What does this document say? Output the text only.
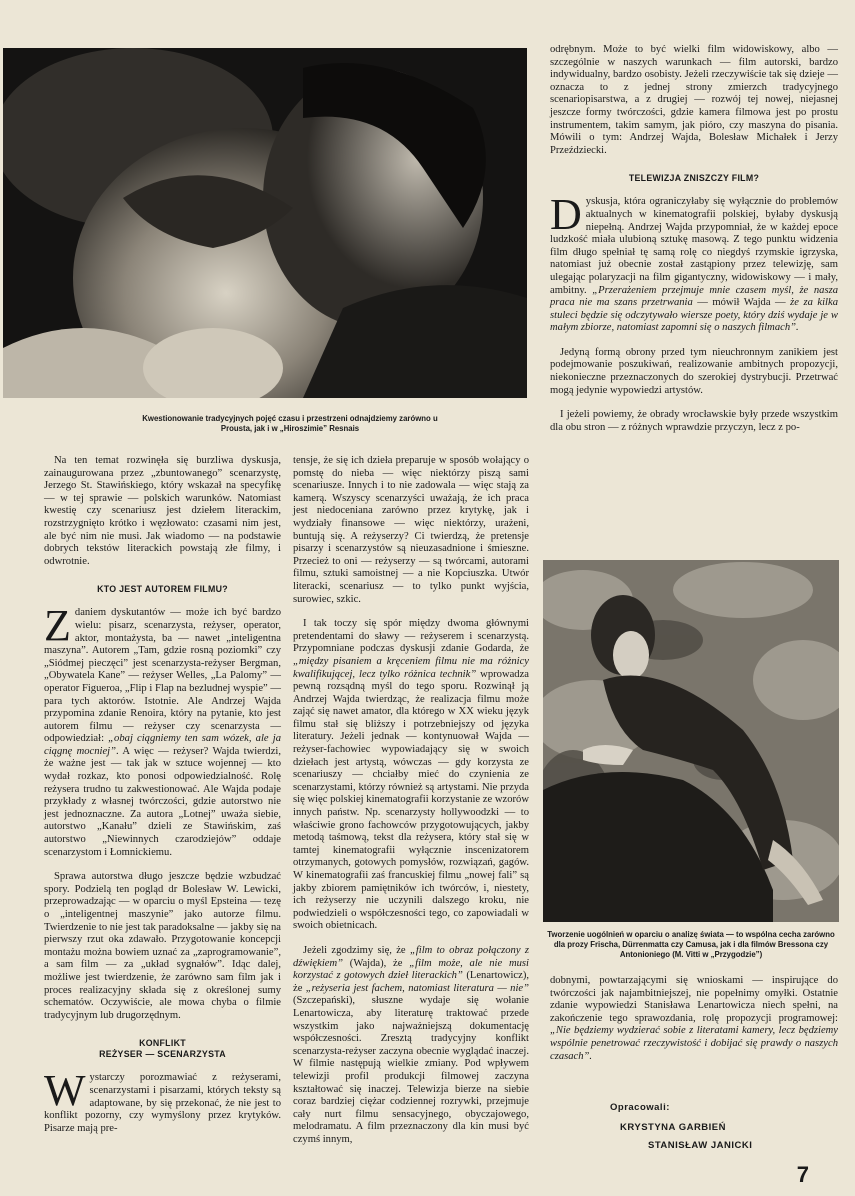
Kwestionowanie tradycyjnych pojęć czasu i przestrzeni odnajdziemy zarówno u Prousta, jak i w „Hiroszimie” Resnais
Tworzenie uogólnień w oparciu o analizę świata — to wspólna cecha zarówno dla prozy Frischa, Dürrenmatta czy Camusa, jak i dla filmów Bressona czy Antonioniego (M. Vitti w „Przygodzie”)

odrębnym. Może to być wielki film widowiskowy, albo — szczególnie w naszych warunkach — film autorski, bardzo indywidualny, bardzo osobisty. Jeżeli rzeczywiście tak się dzieje — oznacza to z jednej strony zmierzch tradycyjnego scenariopisarstwa, a z drugiej — rozwój tej nowej, niejasnej jeszcze formy twórczości, gdzie kamera filmowa jest po prostu instrumentem, takim samym, jak pióro, czy maszyna do pisania. Mówili o tym: Andrzej Wajda, Bolesław Michałek i Jerzy Przeździecki.

TELEWIZJA ZNISZCZY FILM?

Dyskusja, która ograniczyłaby się wyłącznie do problemów aktualnych w kinematografii polskiej, byłaby dyskusją niepełną. Andrzej Wajda przypomniał, że w każdej epoce ludzkość miała ulubioną sztukę masową. Z tego punktu widzenia film długo spełniał tę samą rolę co niegdyś rzymskie igrzyska, natomiast już obecnie został zastąpiony przez telewizję, sam ulegając polaryzacji na film gigantyczny, widowiskowy — i mały, ambitny. „Przerażeniem przejmuje mnie czasem myśl, że nasza praca nie ma szans przetrwania — mówił Wajda — że za kilka stuleci będzie się odczytywało wiersze poety, który dziś wydaje je w małym zbiorze, natomiast zapomni się o naszych filmach”.

Jedyną formą obrony przed tym nieuchronnym zanikiem jest podejmowanie poszukiwań, realizowanie ambitnych propozycji, niekonieczne przeznaczonych do szerokiej dystrybucji. Przetrwać mogą jedynie wypowiedzi artystów.

I jeżeli powiemy, że obrady wrocławskie były przede wszystkim dla obu stron — z różnych wprawdzie przyczyn, lecz z po-

Na ten temat rozwinęła się burzliwa dyskusja, zainaugurowana przez „zbuntowanego” scenarzystę, Jerzego St. Stawińskiego, który wskazał na specyfikę — w tej sprawie — polskich warunków. Natomiast kwestię czy scenariusz jest dziełem literackim, rozstrzygnięto krótko i węzłowato: czasami nim jest, ale być nim nie musi. Jak wiadomo — na podstawie dobrych tekstów literackich powstają złe filmy, i odwrotnie.

KTO JEST AUTOREM FILMU?

Zdaniem dyskutantów — może ich być bardzo wielu: pisarz, scenarzysta, reżyser, operator, aktor, montażysta, ba — nawet „inteligentna maszyna”. Autorem „Tam, gdzie rosną poziomki” czy „Siódmej pieczęci” jest scenarzysta-reżyser Bergman, „Obywatela Kane” — reżyser Welles, „La Palomy” — operator Figueroa, „Flip i Flap na bezludnej wyspie” — para tych aktorów. Istotnie. Ale Andrzej Wajda przypomina zdanie Renoira, który na pytanie, kto jest autorem filmu — reżyser czy scenarzysta — odpowiedział: „obaj ciągniemy ten sam wózek, ale ja ciągnę mocniej”. A więc — reżyser? Wajda twierdzi, że ważne jest — tak jak w sztuce wojennej — kto wydał rozkaz, kto ponosi odpowiedzialność. Rolę reżysera trudno tu zakwestionować. Ale Wajda podaje przykłady z własnej twórczości, gdzie autorstwo nie jest jednoznaczne. Za autora „Lotnej” uważa siebie, autorstwo „Kanału” dzieli ze Stawińskim, zaś autorstwo „Niewinnych czarodziejów” oddaje scenarzystom i Łomnickiemu.

Sprawa autorstwa długo jeszcze będzie wzbudzać spory. Podzielą ten pogląd dr Bolesław W. Lewicki, przeprowadzając — w oparciu o myśl Epsteina — tezę o „inteligentnej maszynie” jako autorze filmu. Twierdzenie to nie jest tak paradoksalne — jakby się na pierwszy rzut oka zdawało. Przygotowanie koncepcji montażu można bowiem uznać za „zaprogramowanie”, a sam film — za „układ sygnałów”. Idąc dalej, możliwe jest twierdzenie, że zarówno sam film jak i proces realizacyjny składa się z określonej sumy schematów. Oczywiście, ale mowa chyba o filmie tradycyjnym lub drugorzędnym.

KONFLIKT
REŻYSER — SCENARZYSTA

Wystarczy porozmawiać z reżyserami, scenarzystami i pisarzami, których teksty są adaptowane, by się przekonać, że nie jest to konflikt pozorny, czy wymyślony przez krytyków. Pisarze mają pre-

tensje, że się ich dzieła preparuje w sposób wołający o pomstę do nieba — więc niektórzy piszą sami scenariusze. Innych i to nie zadowala — więc stają za kamerą. Wszyscy scenarzyści uważają, że ich praca jest niedoceniana zarówno przez krytykę, jak i wydziały finansowe — więc niektórzy, urażeni, buntują się. A reżyserzy? Ci twierdzą, że pretensje pisarzy i scenarzystów są nieuzasadnione i śmieszne. Przecież to oni — reżyserzy — są twórcami, autorami filmu, sztuki samoistnej — a nie Kopciuszka. Utwór literacki, scenariusz — to tylko punkt wyjścia, surowiec, szkic.

I tak toczy się spór między dwoma głównymi pretendentami do sławy — reżyserem i scenarzystą. Przypomniane podczas dyskusji zdanie Godarda, że „między pisaniem a kręceniem filmu nie ma różnicy kwalifikującej, lecz tylko różnica technik” wprowadza pewną rozsądną myśl do tego sporu. Rozwinął ją Andrzej Wajda twierdząc, że realizacja filmu może zająć się nawet amator, dla którego w XX wieku język filmu stał się bliższy i potrzebniejszy od języka literatury. Jeżeli jednak — kontynuował Wajda — reżyser-fachowiec wypowiadający się w swoich dziełach jest artystą, wówczas — gdy korzysta ze scenariuszy — chciałby mieć do czynienia ze scenarzystami, którzy również są artystami. Nie przyda się więc polskiej kinematografii korzystanie ze wzorów innych państw. Np. scenarzysty hollywoodzki — to właściwie grono fachowców przygotowujących, jakby metodą taśmową, tekst dla reżysera, który stał się w tamtej kinematografii wyłącznie inscenizatorem otrzymanych, gotowych pomysłów, rozwiązań, gagów. W kinematografii zaś francuskiej filmu „nowej fali” są jakby zbiorem pamiętników ich twórców, i, niestety, ich reżyserzy nie uczynili dalszego kroku, nie podwiedzieli o współczesności tego, co zapowiadali w swoich obietnicach.

Jeżeli zgodzimy się, że „film to obraz połączony z dźwiękiem” (Wajda), że „film może, ale nie musi korzystać z gotowych dzieł literackich” (Lenartowicz), że „reżyseria jest fachem, natomiast literatura — nie” (Szczepański), słuszne wydaje się wołanie Lenartowicza, aby literaturę traktować przede wszystkim jako najważniejszą dokumentację współczesności. Zresztą tradycyjny konflikt scenarzysta-reżyser zaczyna obecnie wyglądać inaczej. W filmie następują wielkie zmiany. Pod wpływem telewizji profil produkcji filmowej zaczyna kształtować się inaczej. Telewizja bierze na siebie coraz bardziej ciężar codziennej rozrywki, przejmuje cały nurt filmu sensacyjnego, obyczajowego, melodramatu. A film przeznaczony dla kin musi być czymś innym,

dobnymi, powtarzającymi się wnioskami — inspirujące do twórczości jak najambitniejszej, nie popełnimy omyłki. Ostatnie zdanie wypowiedzi Stanisława Lenartowicza niech spełni, na zakończenie tego sprawozdania, rolę propozycji programowej: „Nie będziemy wydzierać sobie z literatami kamery, lecz będziemy wspólnie penetrować rzeczywistość i dobijać się prawdy o naszych czasach”.

Opracowali:
KRYSTYNA GARBIEŃ
STANISŁAW JANICKI
7
